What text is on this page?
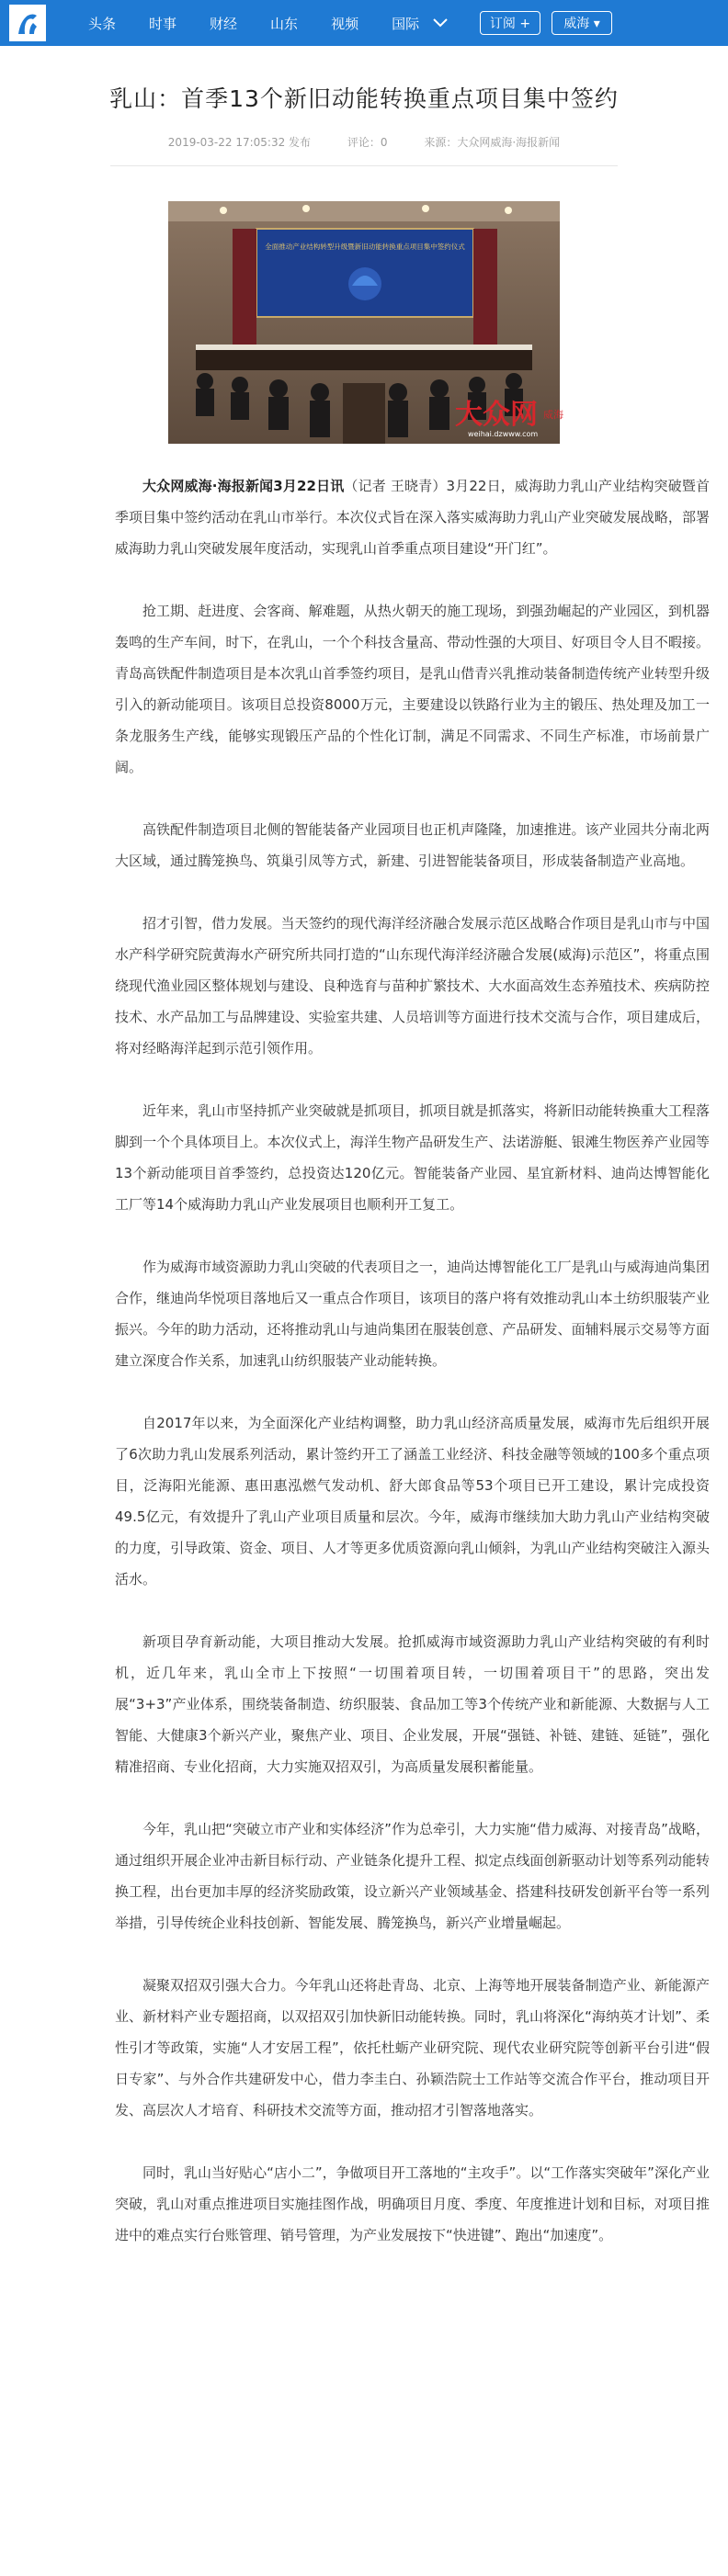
头条 时事 财经 山东 视频 国际	订阅 +	威海 ▾
乳山：首季13个新旧动能转换重点项目集中签约
2019-03-22 17:05:32 发布	评论：0	来源：大众网威海·海报新闻
全面推动产业结构转型升级暨新旧动能转换重点项目集中签约仪式
大众网 威海
weihai.dzwww.com

大众网威海·海报新闻3月22日讯（记者 王晓青）3月22日，威海助力乳山产业结构突破暨首季项目集中签约活动在乳山市举行。本次仪式旨在深入落实威海助力乳山产业突破发展战略，部署威海助力乳山突破发展年度活动，实现乳山首季重点项目建设“开门红”。

抢工期、赶进度、会客商、解难题，从热火朝天的施工现场，到强劲崛起的产业园区，到机器轰鸣的生产车间，时下，在乳山，一个个科技含量高、带动性强的大项目、好项目令人目不暇接。青岛高铁配件制造项目是本次乳山首季签约项目，是乳山借青兴乳推动装备制造传统产业转型升级引入的新动能项目。该项目总投资8000万元，主要建设以铁路行业为主的锻压、热处理及加工一条龙服务生产线，能够实现锻压产品的个性化订制，满足不同需求、不同生产标准，市场前景广阔。

高铁配件制造项目北侧的智能装备产业园项目也正机声隆隆，加速推进。该产业园共分南北两大区域，通过腾笼换鸟、筑巢引凤等方式，新建、引进智能装备项目，形成装备制造产业高地。

招才引智，借力发展。当天签约的现代海洋经济融合发展示范区战略合作项目是乳山市与中国水产科学研究院黄海水产研究所共同打造的“山东现代海洋经济融合发展(威海)示范区”，将重点围绕现代渔业园区整体规划与建设、良种选育与苗种扩繁技术、大水面高效生态养殖技术、疾病防控技术、水产品加工与品牌建设、实验室共建、人员培训等方面进行技术交流与合作，项目建成后，将对经略海洋起到示范引领作用。

近年来，乳山市坚持抓产业突破就是抓项目，抓项目就是抓落实，将新旧动能转换重大工程落脚到一个个具体项目上。本次仪式上，海洋生物产品研发生产、法诺游艇、银滩生物医养产业园等13个新动能项目首季签约，总投资达120亿元。智能装备产业园、星宜新材料、迪尚达博智能化工厂等14个威海助力乳山产业发展项目也顺利开工复工。

作为威海市域资源助力乳山突破的代表项目之一，迪尚达博智能化工厂是乳山与威海迪尚集团合作，继迪尚华悦项目落地后又一重点合作项目，该项目的落户将有效推动乳山本土纺织服装产业振兴。今年的助力活动，还将推动乳山与迪尚集团在服装创意、产品研发、面辅料展示交易等方面建立深度合作关系，加速乳山纺织服装产业动能转换。

自2017年以来，为全面深化产业结构调整，助力乳山经济高质量发展，威海市先后组织开展了6次助力乳山发展系列活动，累计签约开工了涵盖工业经济、科技金融等领域的100多个重点项目，泛海阳光能源、惠田惠泓燃气发动机、舒大郎食品等53个项目已开工建设，累计完成投资49.5亿元，有效提升了乳山产业项目质量和层次。今年，威海市继续加大助力乳山产业结构突破的力度，引导政策、资金、项目、人才等更多优质资源向乳山倾斜，为乳山产业结构突破注入源头活水。

新项目孕育新动能，大项目推动大发展。抢抓威海市域资源助力乳山产业结构突破的有利时机，近几年来，乳山全市上下按照“一切围着项目转，一切围着项目干”的思路，突出发展“3+3”产业体系，围绕装备制造、纺织服装、食品加工等3个传统产业和新能源、大数据与人工智能、大健康3个新兴产业，聚焦产业、项目、企业发展，开展“强链、补链、建链、延链”，强化精准招商、专业化招商，大力实施双招双引，为高质量发展积蓄能量。

今年，乳山把“突破立市产业和实体经济”作为总牵引，大力实施“借力威海、对接青岛”战略，通过组织开展企业冲击新目标行动、产业链条化提升工程、拟定点线面创新驱动计划等系列动能转换工程，出台更加丰厚的经济奖励政策，设立新兴产业领域基金、搭建科技研发创新平台等一系列举措，引导传统企业科技创新、智能发展、腾笼换鸟，新兴产业增量崛起。

凝聚双招双引强大合力。今年乳山还将赴青岛、北京、上海等地开展装备制造产业、新能源产业、新材料产业专题招商，以双招双引加快新旧动能转换。同时，乳山将深化“海纳英才计划”、柔性引才等政策，实施“人才安居工程”，依托杜蛎产业研究院、现代农业研究院等创新平台引进“假日专家”、与外合作共建研发中心，借力李圭白、孙颖浩院士工作站等交流合作平台，推动项目开发、高层次人才培育、科研技术交流等方面，推动招才引智落地落实。

同时，乳山当好贴心“店小二”，争做项目开工落地的“主攻手”。以“工作落实突破年”深化产业突破，乳山对重点推进项目实施挂图作战，明确项目月度、季度、年度推进计划和目标，对项目推进中的难点实行台账管理、销号管理，为产业发展按下“快进键”、跑出“加速度”。
